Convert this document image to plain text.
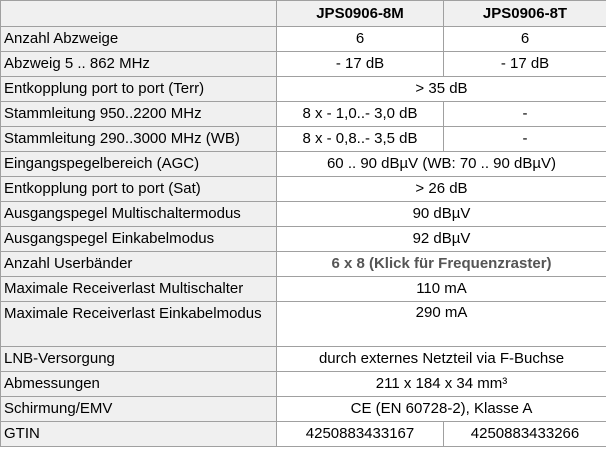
	JPS0906-8M	JPS0906-8T
Anzahl Abzweige	6	6
Abzweig 5 .. 862 MHz	- 17 dB	- 17 dB
Entkopplung port to port (Terr)	> 35 dB	
Stammleitung 950..2200 MHz	8 x - 1,0..- 3,0 dB	-
Stammleitung 290..3000 MHz (WB)	8 x - 0,8..- 3,5 dB	-
Eingangspegelbereich (AGC)	60 .. 90 dBµV (WB: 70 .. 90 dBµV)	
Entkopplung port to port (Sat)	> 26 dB	
Ausgangspegel Multischaltermodus	90 dBµV	
Ausgangspegel Einkabelmodus	92 dBµV	
Anzahl Userbänder	6 x 8 (Klick für Frequenzraster)	
Maximale Receiverlast Multischalter	110 mA	
Maximale Receiverlast Einkabelmodus	290 mA	
LNB-Versorgung	durch externes Netzteil via F-Buchse	
Abmessungen	211 x 184 x 34 mm³	
Schirmung/EMV	CE (EN 60728-2), Klasse A	
GTIN	4250883433167	4250883433266
